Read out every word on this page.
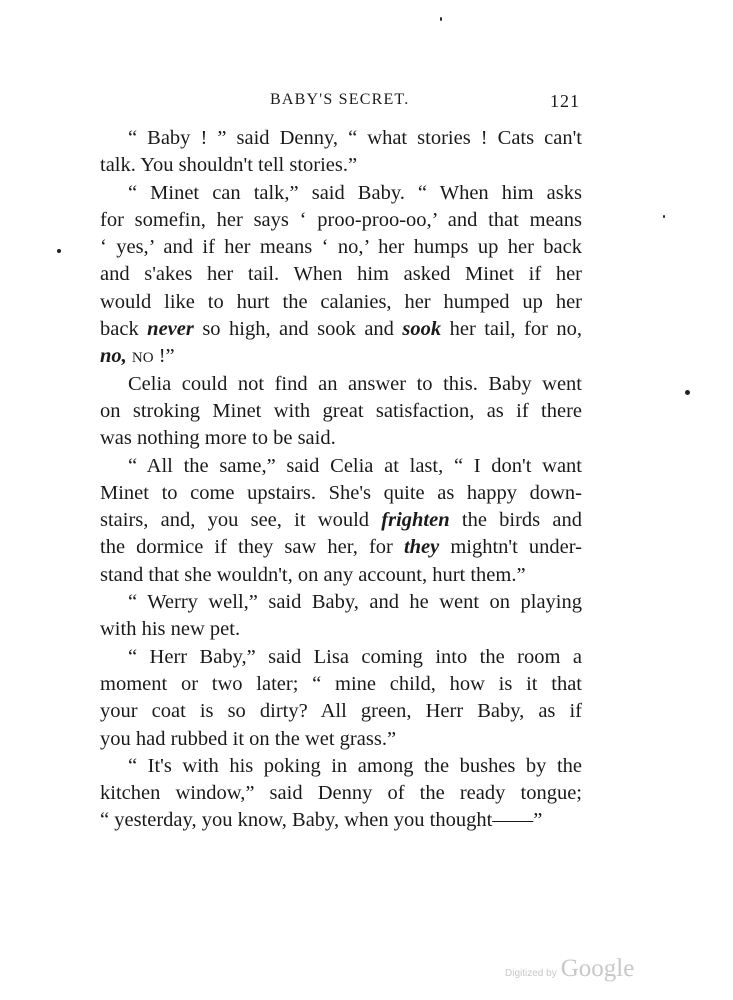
BABY'S SECRET.	121
“ Baby ! ” said Denny, “ what stories ! Cats can't
talk. You shouldn't tell stories.”
“ Minet can talk,” said Baby. “ When him asks
for somefin, her says ‘ proo-proo-oo,’ and that means
‘ yes,’ and if her means ‘ no,’ her humps up her back
and s'akes her tail. When him asked Minet if her
would like to hurt the calanies, her humped up her
back never so high, and sook and sook her tail, for no,
no, NO !”
Celia could not find an answer to this. Baby went
on stroking Minet with great satisfaction, as if there
was nothing more to be said.
“ All the same,” said Celia at last, “ I don't want
Minet to come upstairs. She's quite as happy down-
stairs, and, you see, it would frighten the birds and
the dormice if they saw her, for they mightn't under-
stand that she wouldn't, on any account, hurt them.”
“ Werry well,” said Baby, and he went on playing
with his new pet.
“ Herr Baby,” said Lisa coming into the room a
moment or two later; “ mine child, how is it that
your coat is so dirty? All green, Herr Baby, as if
you had rubbed it on the wet grass.”
“ It's with his poking in among the bushes by the
kitchen window,” said Denny of the ready tongue;
“ yesterday, you know, Baby, when you thought——”
Digitized by Google
